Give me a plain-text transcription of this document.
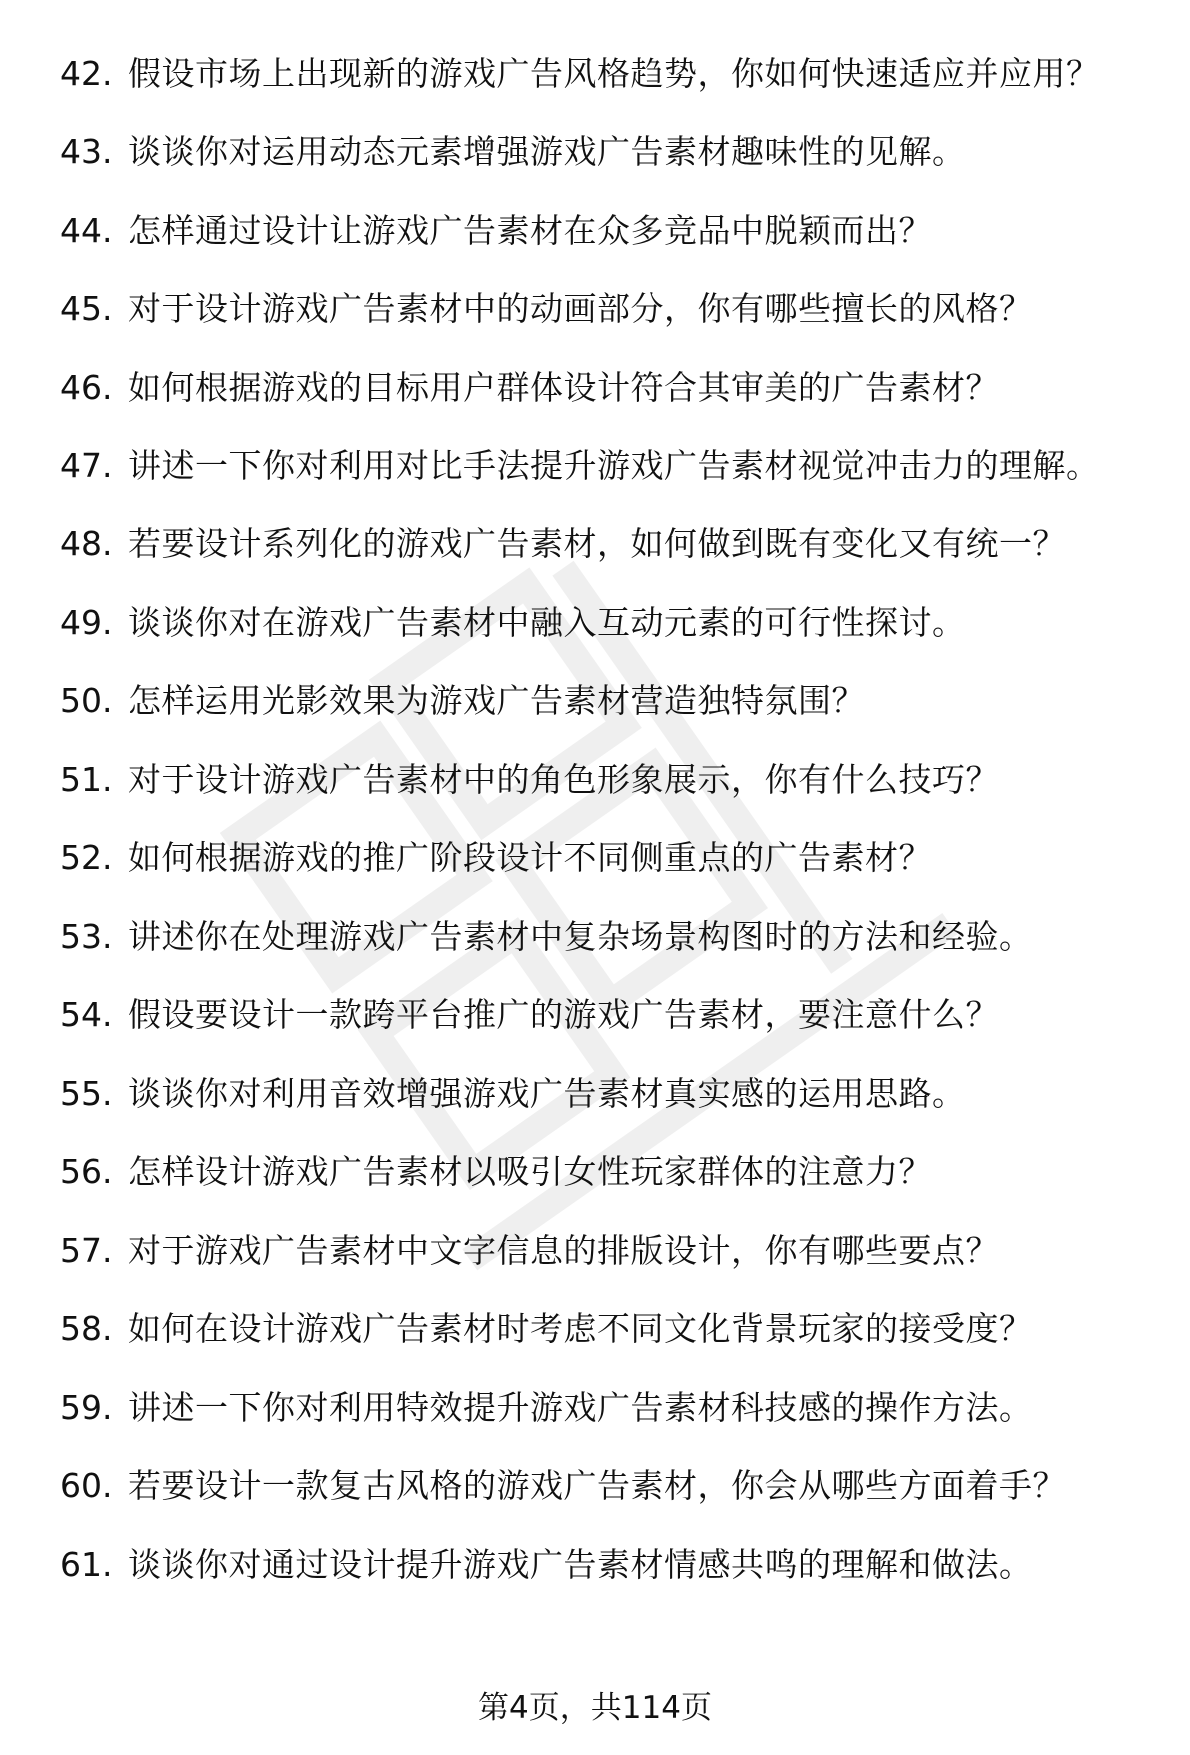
42. 假设市场上出现新的游戏广告风格趋势，你如何快速适应并应用？
43. 谈谈你对运用动态元素增强游戏广告素材趣味性的见解。
44. 怎样通过设计让游戏广告素材在众多竞品中脱颖而出？
45. 对于设计游戏广告素材中的动画部分，你有哪些擅长的风格？
46. 如何根据游戏的目标用户群体设计符合其审美的广告素材？
47. 讲述一下你对利用对比手法提升游戏广告素材视觉冲击力的理解。
48. 若要设计系列化的游戏广告素材，如何做到既有变化又有统一？
49. 谈谈你对在游戏广告素材中融入互动元素的可行性探讨。
50. 怎样运用光影效果为游戏广告素材营造独特氛围？
51. 对于设计游戏广告素材中的角色形象展示，你有什么技巧？
52. 如何根据游戏的推广阶段设计不同侧重点的广告素材？
53. 讲述你在处理游戏广告素材中复杂场景构图时的方法和经验。
54. 假设要设计一款跨平台推广的游戏广告素材，要注意什么？
55. 谈谈你对利用音效增强游戏广告素材真实感的运用思路。
56. 怎样设计游戏广告素材以吸引女性玩家群体的注意力？
57. 对于游戏广告素材中文字信息的排版设计，你有哪些要点？
58. 如何在设计游戏广告素材时考虑不同文化背景玩家的接受度？
59. 讲述一下你对利用特效提升游戏广告素材科技感的操作方法。
60. 若要设计一款复古风格的游戏广告素材，你会从哪些方面着手？
61. 谈谈你对通过设计提升游戏广告素材情感共鸣的理解和做法。
第4页，共114页
